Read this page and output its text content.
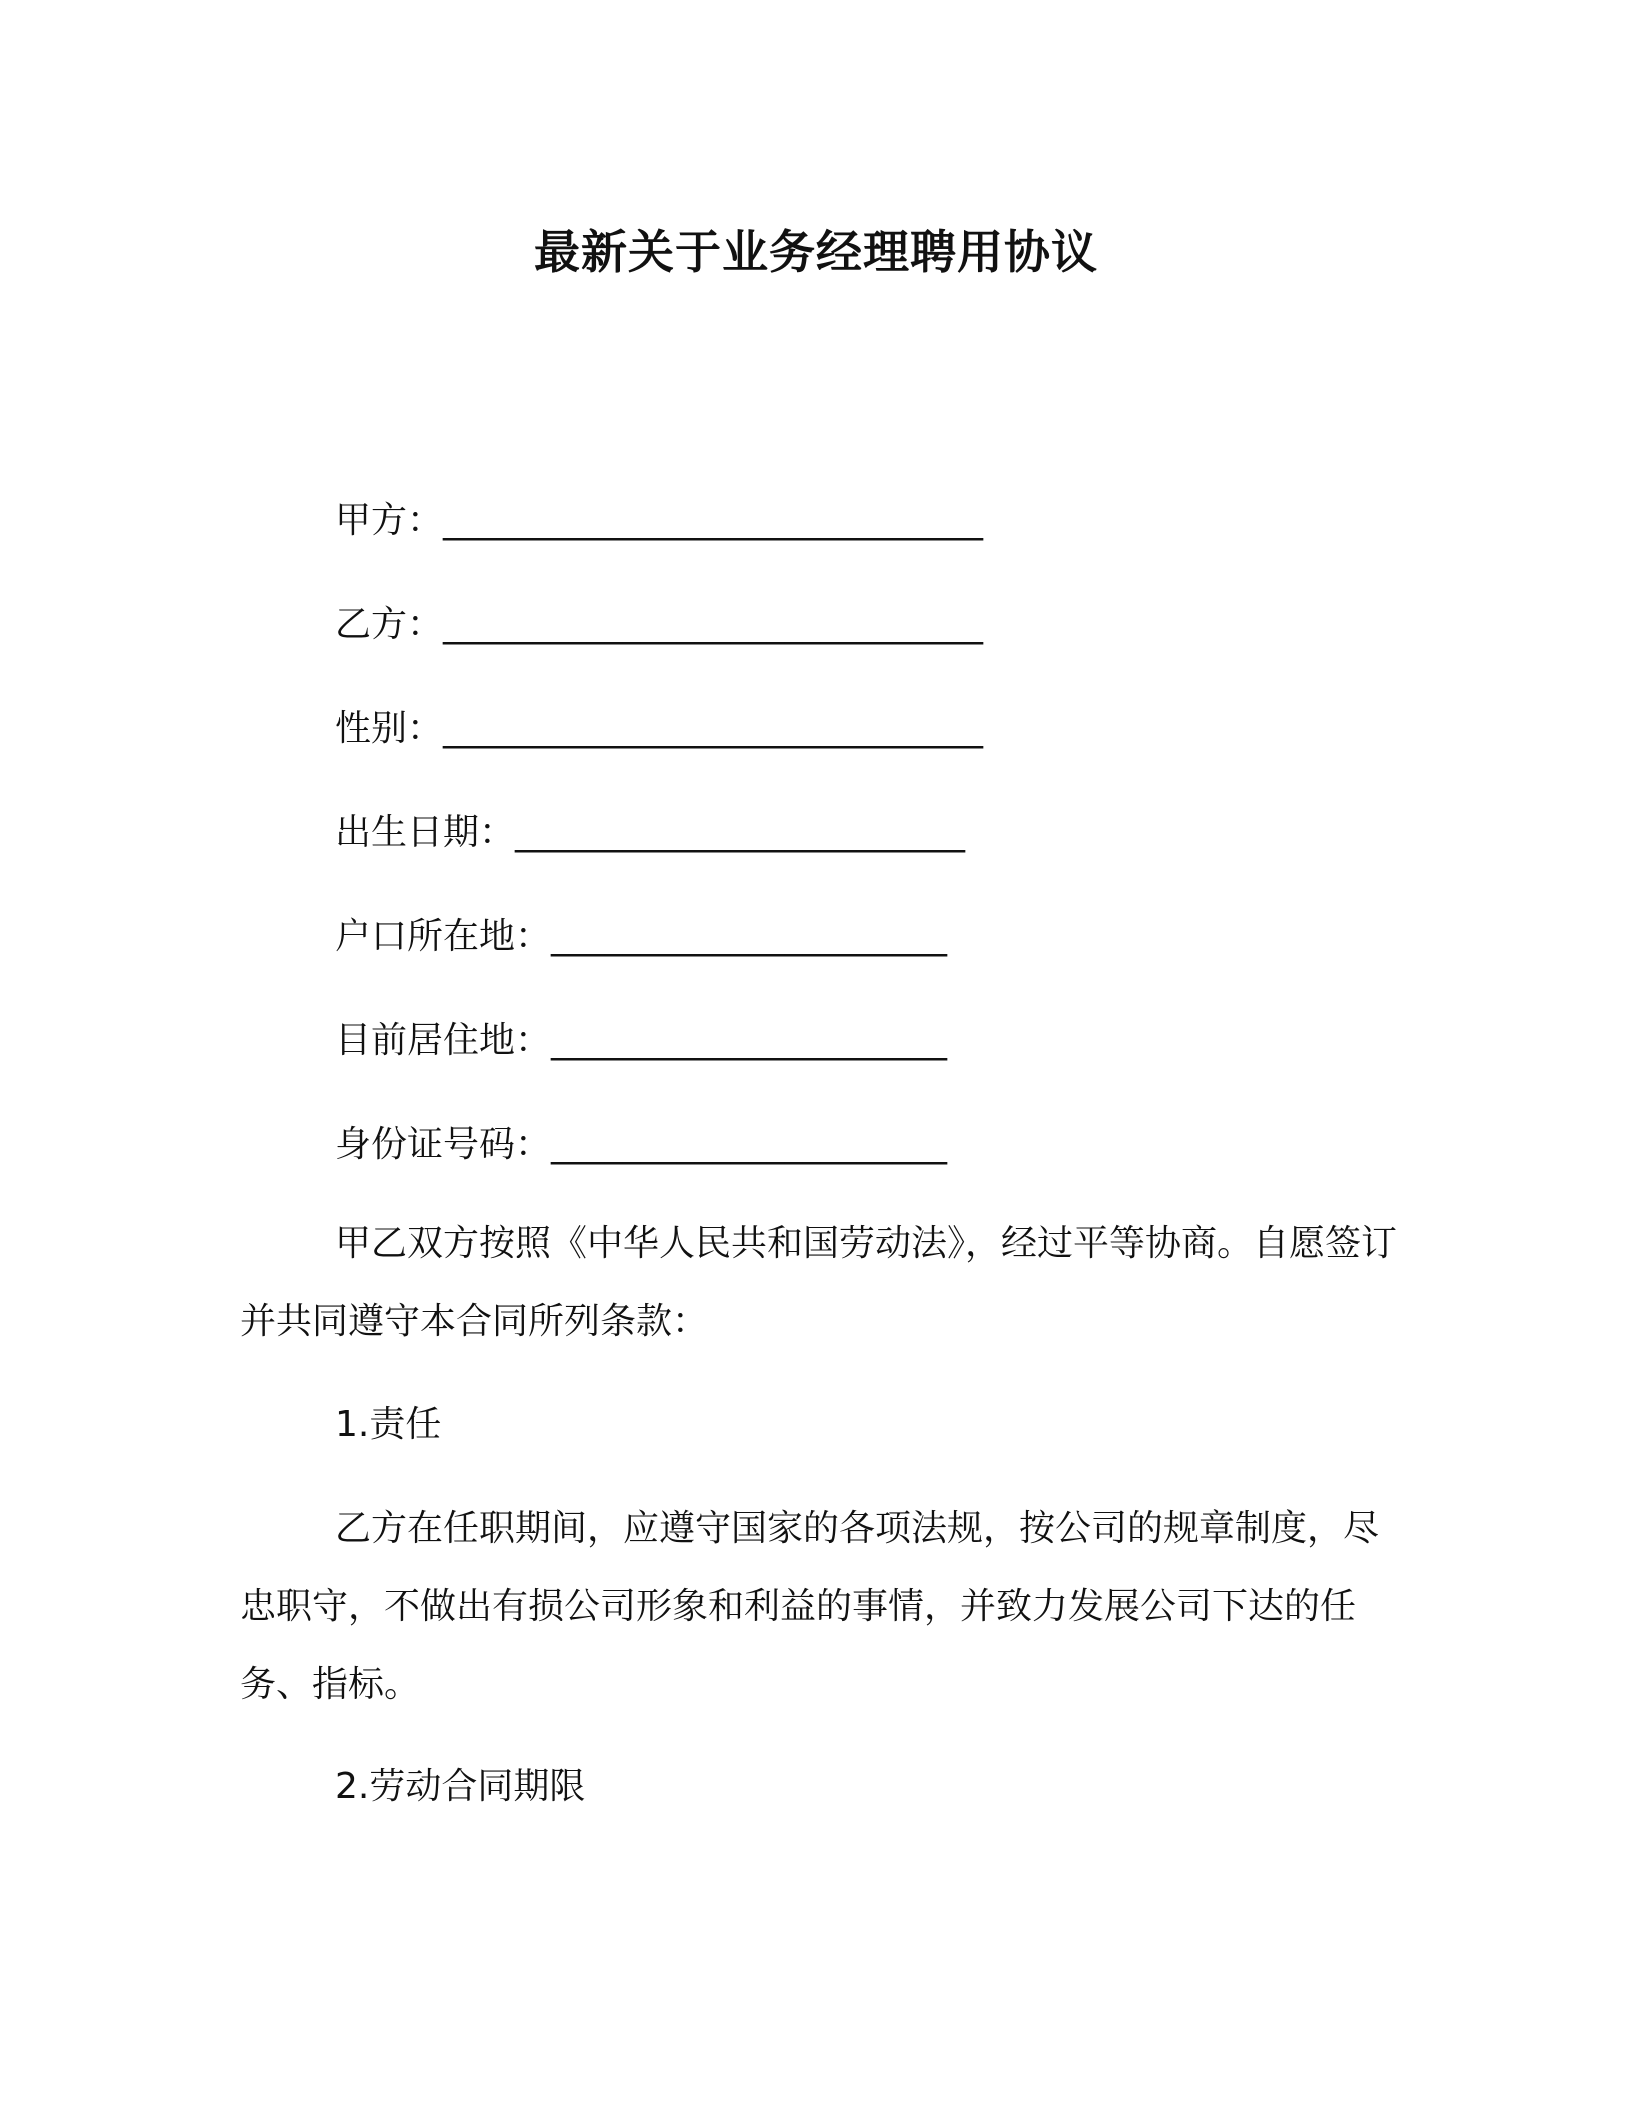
最新关于业务经理聘用协议
甲方：______________________________
乙方：______________________________
性别：______________________________
出生日期：_________________________
户口所在地：______________________
目前居住地：______________________
身份证号码：______________________
甲乙双方按照《中华人民共和国劳动法》，经过平等协商。自愿签订并共同遵守本合同所列条款：
1.责任
乙方在任职期间，应遵守国家的各项法规，按公司的规章制度，尽忠职守，不做出有损公司形象和利益的事情，并致力发展公司下达的任务、指标。
2.劳动合同期限
